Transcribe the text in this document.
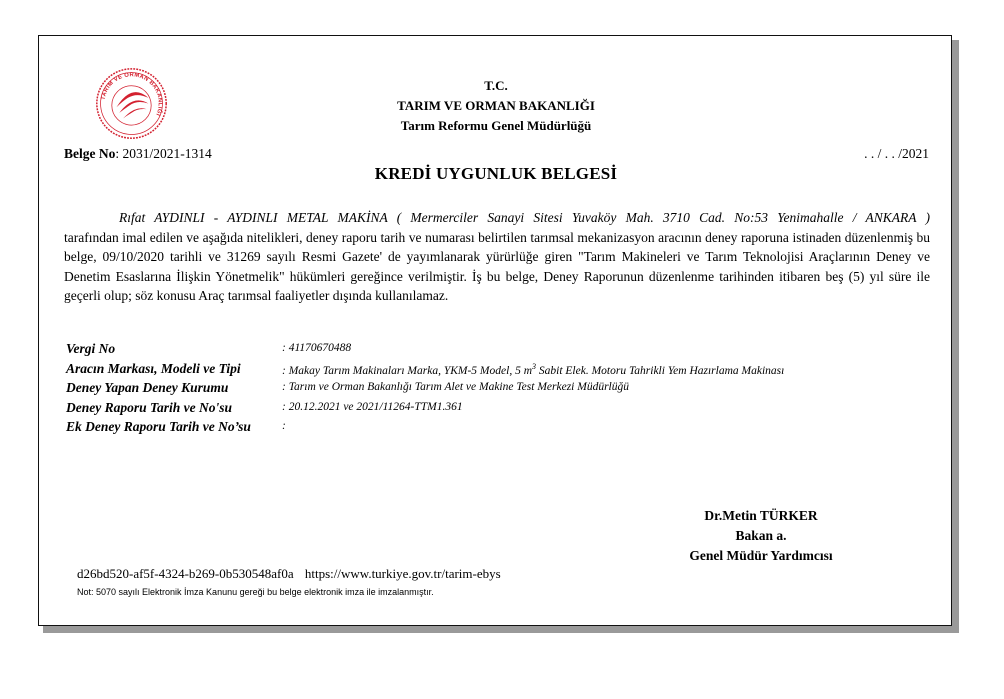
TARIM VE ORMAN BAKANLIĞI
T.C.
TARIM VE ORMAN BAKANLIĞI
Tarım Reformu Genel Müdürlüğü
Belge No: 2031/2021-1314	. . / . . /2021
KREDİ UYGUNLUK BELGESİ
Rıfat AYDINLI - AYDINLI METAL MAKİNA ( Mermerciler Sanayi Sitesi Yuvaköy Mah. 3710 Cad. No:53 Yenimahalle / ANKARA )
tarafından imal edilen ve aşağıda nitelikleri, deney raporu tarih ve numarası belirtilen tarımsal mekanizasyon aracının deney raporuna istinaden düzenlenmiş bu belge, 09/10/2020 tarihli ve 31269 sayılı Resmi Gazete' de yayımlanarak yürürlüğe giren "Tarım Makineleri ve Tarım Teknolojisi Araçlarının Deney ve Denetim Esaslarına İlişkin Yönetmelik" hükümleri gereğince verilmiştir. İş bu belge, Deney Raporunun düzenlenme tarihinden itibaren beş (5) yıl süre ile geçerli olup; söz konusu Araç tarımsal faaliyetler dışında kullanılamaz.
Vergi No	: 41170670488
Aracın Markası, Modeli ve Tipi	: Makay Tarım Makinaları Marka, YKM-5 Model, 5 $m^3$ Sabit Elek. Motoru Tahrikli Yem Hazırlama Makinası
Deney Yapan Deney Kurumu	: Tarım ve Orman Bakanlığı Tarım Alet ve Makine Test Merkezi Müdürlüğü
Deney Raporu Tarih ve No'su	: 20.12.2021 ve 2021/11264-TTM1.361
Ek Deney Raporu Tarih ve No’su	:
Dr.Metin TÜRKER
Bakan a.
Genel Müdür Yardımcısı
d26bd520-af5f-4324-b269-0b530548af0a https://www.turkiye.gov.tr/tarim-ebys
Not: 5070 sayılı Elektronik İmza Kanunu gereği bu belge elektronik imza ile imzalanmıştır.
